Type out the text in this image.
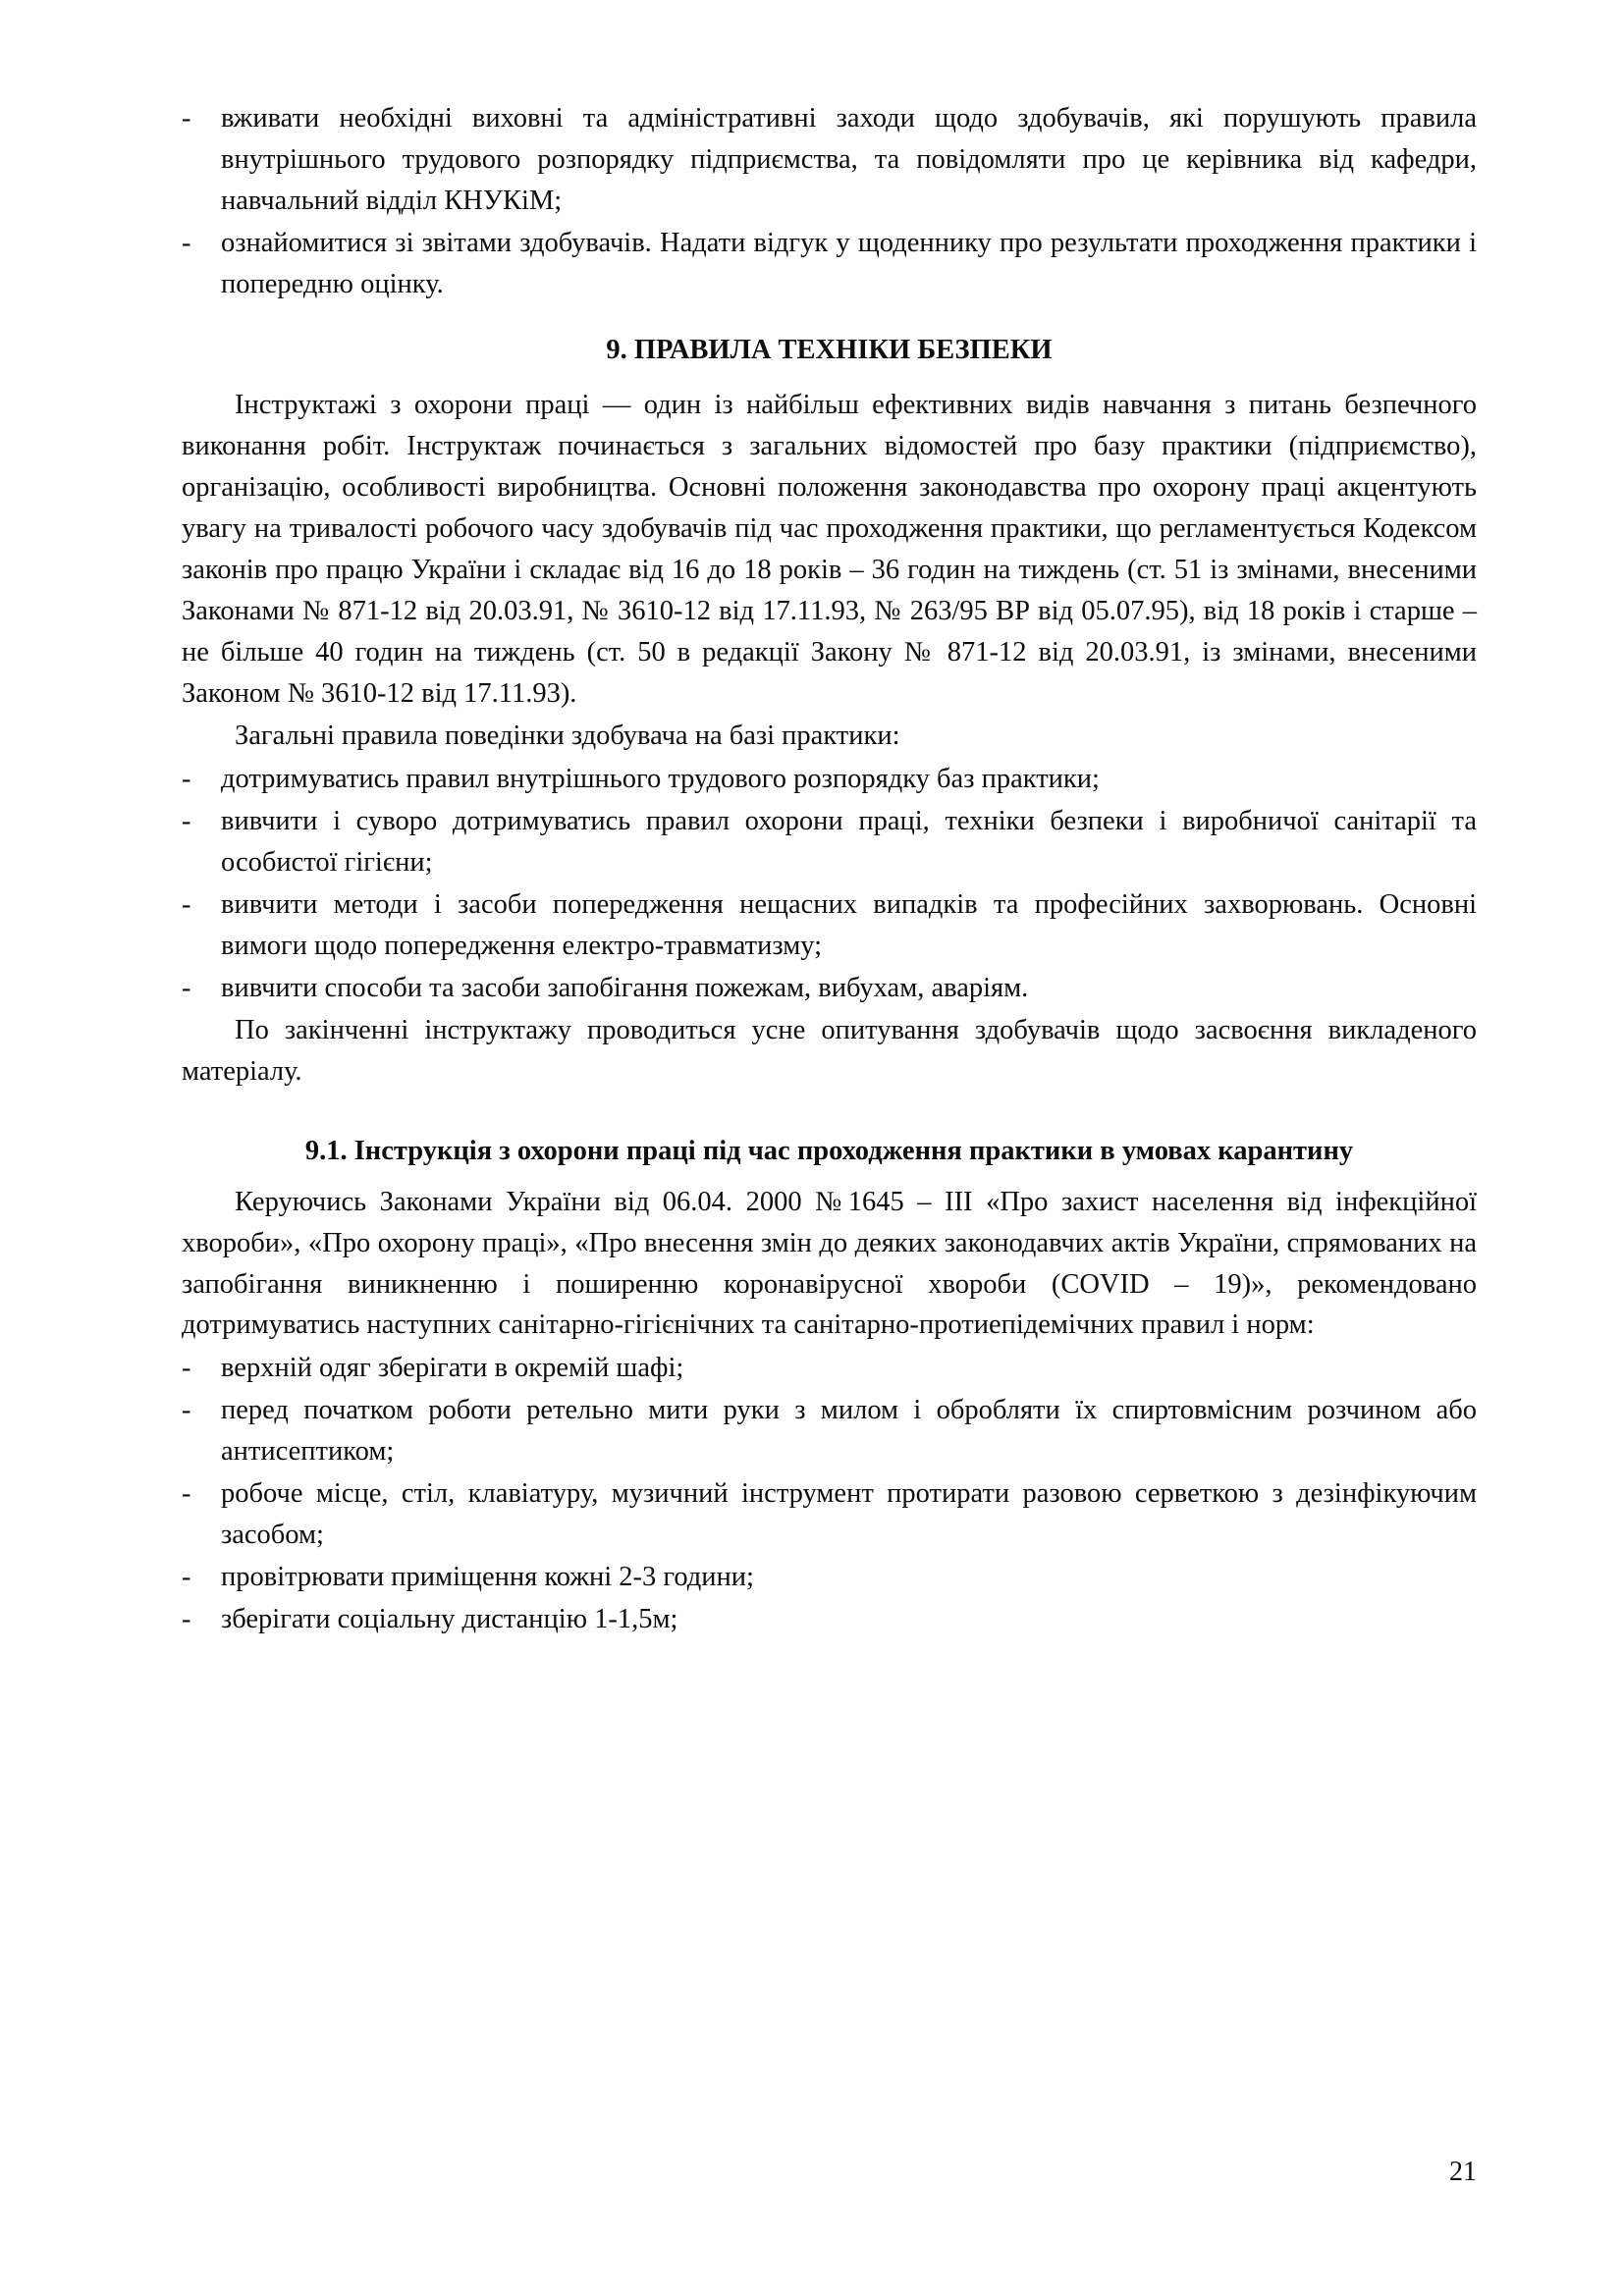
- вживати необхідні виховні та адміністративні заходи щодо здобувачів, які порушують правила внутрішнього трудового розпорядку підприємства, та повідомляти про це керівника від кафедри, навчальний відділ КНУКіМ;
- ознайомитися зі звітами здобувачів. Надати відгук у щоденнику про результати проходження практики і попередню оцінку.

9. ПРАВИЛА ТЕХНІКИ БЕЗПЕКИ

Інструктажі з охорони праці — один із найбільш ефективних видів навчання з питань безпечного виконання робіт. Інструктаж починається з загальних відомостей про базу практики (підприємство), організацію, особливості виробництва. Основні положення законодавства про охорону праці акцентують увагу на тривалості робочого часу здобувачів під час проходження практики, що регламентується Кодексом законів про працю України і складає від 16 до 18 років – 36 годин на тиждень (ст. 51 із змінами, внесеними Законами № 871-12 від 20.03.91, № 3610-12 від 17.11.93, № 263/95 ВР від 05.07.95), від 18 років і старше – не більше 40 годин на тиждень (ст. 50 в редакції Закону № 871-12 від 20.03.91, із змінами, внесеними Законом № 3610-12 від 17.11.93).

Загальні правила поведінки здобувача на базі практики:

- дотримуватись правил внутрішнього трудового розпорядку баз практики;
- вивчити і суворо дотримуватись правил охорони праці, техніки безпеки і виробничої санітарії та особистої гігієни;
- вивчити методи і засоби попередження нещасних випадків та професійних захворювань. Основні вимоги щодо попередження електро-травматизму;
- вивчити способи та засоби запобігання пожежам, вибухам, аваріям.

По закінченні інструктажу проводиться усне опитування здобувачів щодо засвоєння викладеного матеріалу.

9.1. Інструкція з охорони праці під час проходження практики в умовах карантину

Керуючись Законами України від 06.04. 2000 №1645 – ІІІ «Про захист населення від інфекційної хвороби», «Про охорону праці», «Про внесення змін до деяких законодавчих актів України, спрямованих на запобігання виникненню і поширенню коронавірусної хвороби (COVID – 19)», рекомендовано дотримуватись наступних санітарно-гігієнічних та санітарно-протиепідемічних правил і норм:

- верхній одяг зберігати в окремій шафі;
- перед початком роботи ретельно мити руки з милом і обробляти їх спиртовмісним розчином або антисептиком;
- робоче місце, стіл, клавіатуру, музичний інструмент протирати разовою серветкою з дезінфікуючим засобом;
- провітрювати приміщення кожні 2-3 години;
- зберігати соціальну дистанцію 1-1,5м;
21
